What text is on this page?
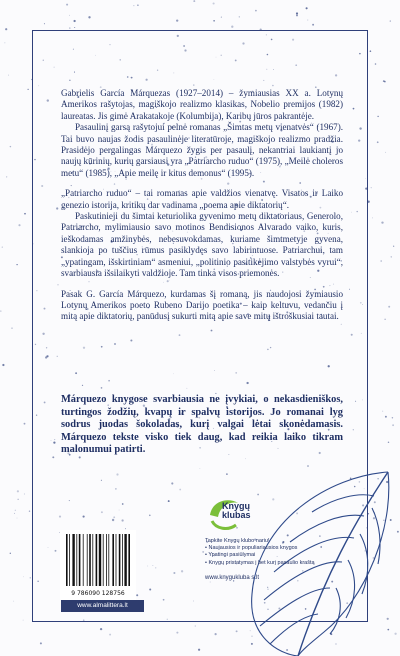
Gabrielis García Márquezas (1927–2014) – žymiausias XX a. Lotynų Amerikos rašytojas, magiškojo realizmo klasikas, Nobelio premijos (1982) laureatas. Jis gimė Arakatakoje (Kolumbija), Karibų jūros pakrantėje.

Pasaulinį garsą rašytojui pelnė romanas „Šimtas metų vienatvės“ (1967). Tai buvo naujas žodis pasaulinėje literatūroje, magiškojo realizmo pradžia. Prasidėjo pergalingas Márquezo žygis per pasaulį, nekantriai laukiantį jo naujų kūrinių, kurių garsiausi yra „Patriarcho ruduo“ (1975), „Meilė choleros metu“ (1985), „Apie meilę ir kitus demonus“ (1995).

„Patriarcho ruduo“ – tai romanas apie valdžios vienatvę. Visatos ir Laiko genezio istorija, kritikų dar vadinama „poema apie diktatorių“.

Paskutinieji du šimtai keturiolika gyvenimo metų diktatoriaus, Generolo, Patriarcho, mylimiausio savo motinos Bendisionos Alvarado vaiko, kuris, ieškodamas amžinybės, nebesuvokdamas, kuriame šimtmetyje gyvena, slankioja po tuščius rūmus pasiklydęs savo labirintuose. Patriarchui, tam „ypatingam, išskirtiniam“ asmeniui, „politinio pasitikėjimo valstybės vyrui“, svarbiausia išsilaikyti valdžioje. Tam tinka visos priemonės.

Pasak G. García Márquezo, kurdamas šį romaną, jis naudojosi žymiausio Lotynų Amerikos poeto Rubeno Darijo poetika – kaip keltuvu, vedančiu į mitą apie diktatorių, panūdusį sukurti mitą apie save mitų ištroškusiai tautai.

Márquezo knygose svarbiausia ne įvykiai, o nekasdieniškos, turtingos žodžių, kvapų ir spalvų istorijos. Jo romanai lyg sodrus juodas šokoladas, kurį valgai lėtai skonėdamasis. Márquezo tekste visko tiek daug, kad reikia laiko tikram malonumui patirti.
9 786090 128756
www.almalittera.lt
Knygų
klubas
Tapkite Knygų klubo nariu!
• Naujausios ir populiariausios knygos
• Ypatingi pasiūlymai
• Knygų pristatymas į bet kurį pasaulio kraštą
www.knygukluba s.lt
